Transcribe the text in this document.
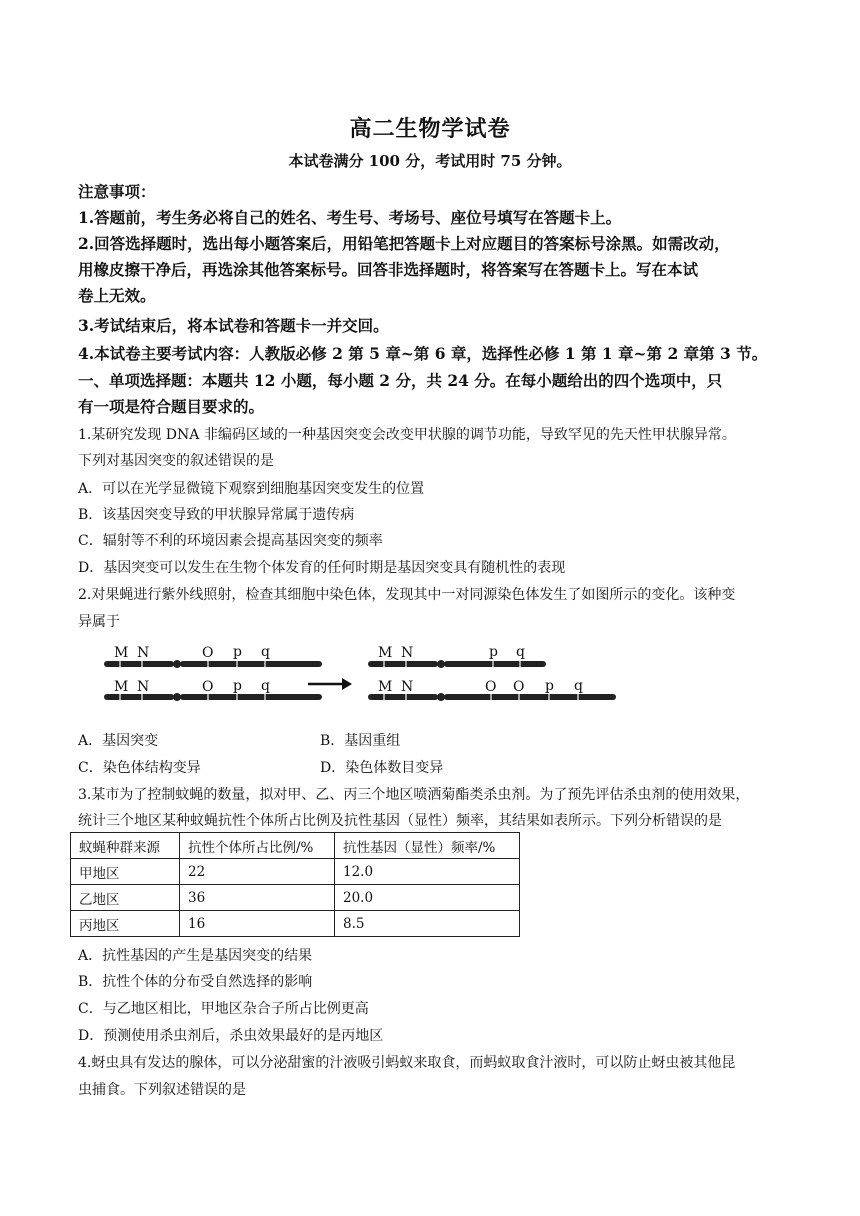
高二生物学试卷
本试卷满分 100 分，考试用时 75 分钟。
注意事项：
1.答题前，考生务必将自己的姓名、考生号、考场号、座位号填写在答题卡上。
2.回答选择题时，选出每小题答案后，用铅笔把答题卡上对应题目的答案标号涂黑。如需改动，
用橡皮擦干净后，再选涂其他答案标号。回答非选择题时，将答案写在答题卡上。写在本试
卷上无效。
3.考试结束后，将本试卷和答题卡一并交回。
4.本试卷主要考试内容：人教版必修 2 第 5 章~第 6 章，选择性必修 1 第 1 章~第 2 章第 3 节。
一、单项选择题：本题共 12 小题，每小题 2 分，共 24 分。在每小题给出的四个选项中，只
有一项是符合题目要求的。
1.某研究发现 DNA 非编码区域的一种基因突变会改变甲状腺的调节功能，导致罕见的先天性甲状腺异常。
下列对基因突变的叙述错误的是
A．可以在光学显微镜下观察到细胞基因突变发生的位置
B．该基因突变导致的甲状腺异常属于遗传病
C．辐射等不利的环境因素会提高基因突变的频率
D．基因突变可以发生在生物个体发育的任何时期是基因突变具有随机性的表现
2.对果蝇进行紫外线照射，检查其细胞中染色体，发现其中一对同源染色体发生了如图所示的变化。该种变
异属于
M N	O p q
M N	O p q
M N	p q
M N	O O p q
A．基因突变	B．基因重组
C．染色体结构变异	D．染色体数目变异
3.某市为了控制蚊蝇的数量，拟对甲、乙、丙三个地区喷洒菊酯类杀虫剂。为了预先评估杀虫剂的使用效果，
统计三个地区某种蚊蝇抗性个体所占比例及抗性基因（显性）频率，其结果如表所示。下列分析错误的是
蚊蝇种群来源	抗性个体所占比例/%	抗性基因（显性）频率/%
甲地区	22	12.0
乙地区	36	20.0
丙地区	16	8.5
A．抗性基因的产生是基因突变的结果
B．抗性个体的分布受自然选择的影响
C．与乙地区相比，甲地区杂合子所占比例更高
D．预测使用杀虫剂后，杀虫效果最好的是丙地区
4.蚜虫具有发达的腺体，可以分泌甜蜜的汁液吸引蚂蚁来取食，而蚂蚁取食汁液时，可以防止蚜虫被其他昆
虫捕食。下列叙述错误的是
